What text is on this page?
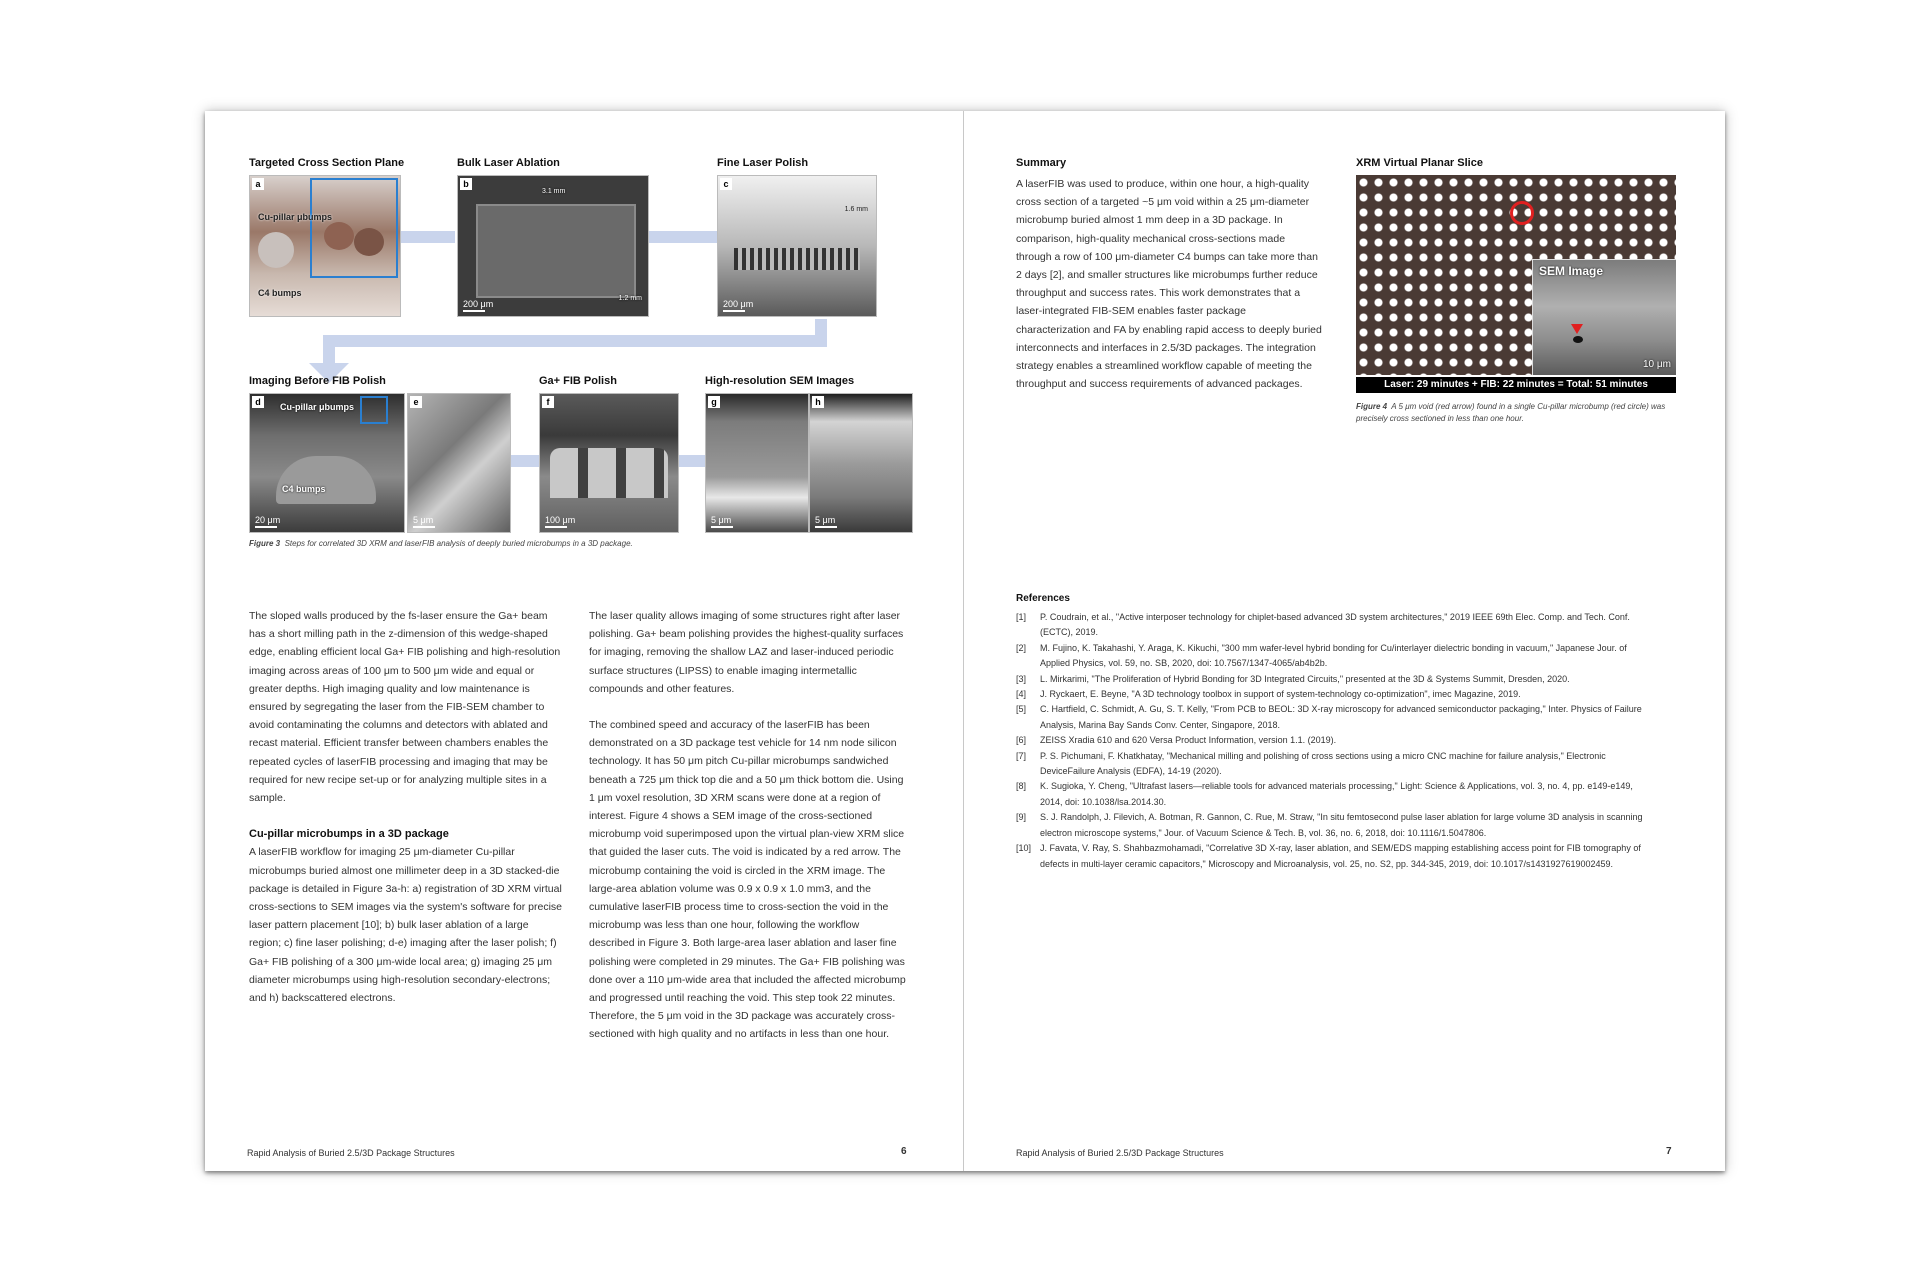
Targeted Cross Section Plane	Bulk Laser Ablation	Fine Laser Polish
a
Cu-pillar μbumps
C4 bumps
b
3.1 mm
1.2 mm
200 μm
c
1.6 mm
200 μm
Imaging Before FIB Polish	Ga+ FIB Polish	High-resolution SEM Images
d	Cu-pillar μbumps
C4 bumps
20 μm
e
5 μm
f
100 μm
g
5 μm
h
5 μm
Figure 3 Steps for correlated 3D XRM and laserFIB analysis of deeply buried microbumps in a 3D package.

The sloped walls produced by the fs-laser ensure the Ga+ beam has a short milling path in the z-dimension of this wedge-shaped edge, enabling efficient local Ga+ FIB polishing and high-resolution imaging across areas of 100 μm to 500 μm wide and equal or greater depths. High imaging quality and low maintenance is ensured by segregating the laser from the FIB-SEM chamber to avoid contaminating the columns and detectors with ablated and recast material. Efficient transfer between chambers enables the repeated cycles of laserFIB processing and imaging that may be required for new recipe set-up or for analyzing multiple sites in a sample.

Cu-pillar microbumps in a 3D package

A laserFIB workflow for imaging 25 μm-diameter Cu-pillar microbumps buried almost one millimeter deep in a 3D stacked-die package is detailed in Figure 3a-h: a) registration of 3D XRM virtual cross-sections to SEM images via the system's software for precise laser pattern placement [10]; b) bulk laser ablation of a large region; c) fine laser polishing; d-e) imaging after the laser polish; f) Ga+ FIB polishing of a 300 μm-wide local area; g) imaging 25 μm diameter microbumps using high-resolution secondary-electrons; and h) backscattered electrons.

The laser quality allows imaging of some structures right after laser polishing. Ga+ beam polishing provides the highest-quality surfaces for imaging, removing the shallow LAZ and laser-induced periodic surface structures (LIPSS) to enable imaging intermetallic compounds and other features.

The combined speed and accuracy of the laserFIB has been demonstrated on a 3D package test vehicle for 14 nm node silicon technology. It has 50 μm pitch Cu-pillar microbumps sandwiched beneath a 725 μm thick top die and a 50 μm thick bottom die. Using 1 μm voxel resolution, 3D XRM scans were done at a region of interest. Figure 4 shows a SEM image of the cross-sectioned microbump void superimposed upon the virtual plan-view XRM slice that guided the laser cuts. The void is indicated by a red arrow. The microbump containing the void is circled in the XRM image. The large-area ablation volume was 0.9 x 0.9 x 1.0 mm3, and the cumulative laserFIB process time to cross-section the void in the microbump was less than one hour, following the workflow described in Figure 3. Both large-area laser ablation and laser fine polishing were completed in 29 minutes. The Ga+ FIB polishing was done over a 110 μm-wide area that included the affected microbump and progressed until reaching the void. This step took 22 minutes. Therefore, the 5 μm void in the 3D package was accurately cross-sectioned with high quality and no artifacts in less than one hour.

Rapid Analysis of Buried 2.5/3D Package Structures	6
Summary
A laserFIB was used to produce, within one hour, a high-quality cross section of a targeted ~5 μm void within a 25 μm-diameter microbump buried almost 1 mm deep in a 3D package. In comparison, high-quality mechanical cross-sections made through a row of 100 μm-diameter C4 bumps can take more than 2 days [2], and smaller structures like microbumps further reduce throughput and success rates. This work demonstrates that a laser-integrated FIB-SEM enables faster package characterization and FA by enabling rapid access to deeply buried interconnects and interfaces in 2.5/3D packages. The integration strategy enables a streamlined workflow capable of meeting the throughput and success requirements of advanced packages.
XRM Virtual Planar Slice
SEM Image
10 μm
Laser: 29 minutes + FIB: 22 minutes = Total: 51 minutes
Figure 4 A 5 μm void (red arrow) found in a single Cu-pillar microbump (red circle) was precisely cross sectioned in less than one hour.
References
[1]	P. Coudrain, et al., "Active interposer technology for chiplet-based advanced 3D system architectures," 2019 IEEE 69th Elec. Comp. and Tech. Conf. (ECTC), 2019.
[2]	M. Fujino, K. Takahashi, Y. Araga, K. Kikuchi, "300 mm wafer-level hybrid bonding for Cu/interlayer dielectric bonding in vacuum," Japanese Jour. of Applied Physics, vol. 59, no. SB, 2020, doi: 10.7567/1347-4065/ab4b2b.
[3]	L. Mirkarimi, "The Proliferation of Hybrid Bonding for 3D Integrated Circuits," presented at the 3D & Systems Summit, Dresden, 2020.
[4]	J. Ryckaert, E. Beyne, "A 3D technology toolbox in support of system-technology co-optimization", imec Magazine, 2019.
[5]	C. Hartfield, C. Schmidt, A. Gu, S. T. Kelly, "From PCB to BEOL: 3D X-ray microscopy for advanced semiconductor packaging," Inter. Physics of Failure Analysis, Marina Bay Sands Conv. Center, Singapore, 2018.
[6]	ZEISS Xradia 610 and 620 Versa Product Information, version 1.1. (2019).
[7]	P. S. Pichumani, F. Khatkhatay, "Mechanical milling and polishing of cross sections using a micro CNC machine for failure analysis," Electronic DeviceFailure Analysis (EDFA), 14-19 (2020).
[8]	K. Sugioka, Y. Cheng, "Ultrafast lasers—reliable tools for advanced materials processing," Light: Science & Applications, vol. 3, no. 4, pp. e149-e149, 2014, doi: 10.1038/lsa.2014.30.
[9]	S. J. Randolph, J. Filevich, A. Botman, R. Gannon, C. Rue, M. Straw, "In situ femtosecond pulse laser ablation for large volume 3D analysis in scanning electron microscope systems," Jour. of Vacuum Science & Tech. B, vol. 36, no. 6, 2018, doi: 10.1116/1.5047806.
[10] J. Favata, V. Ray, S. Shahbazmohamadi, "Correlative 3D X-ray, laser ablation, and SEM/EDS mapping establishing access point for FIB tomography of defects in multi-layer ceramic capacitors," Microscopy and Microanalysis, vol. 25, no. S2, pp. 344-345, 2019, doi: 10.1017/s1431927619002459.
Rapid Analysis of Buried 2.5/3D Package Structures	7
